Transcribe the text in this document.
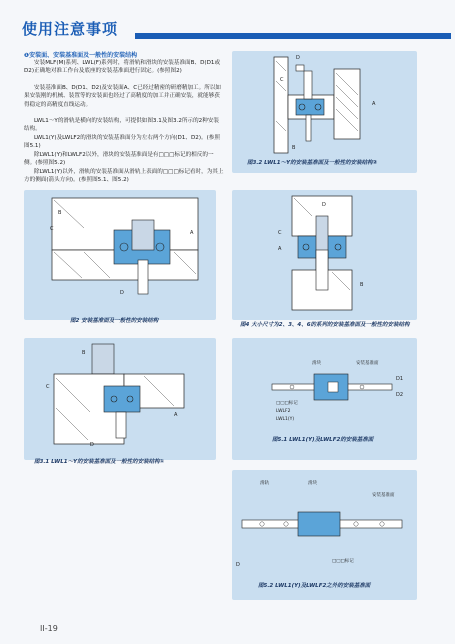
使用注意事项
❶安装面、安装基准面及一般性的安装结构
安装MLF(M)系列、LWL(F)系列时，将滑轨和滑块的安装基准面B、D(D1或D2)正确地对准工作台及底座的安装基准面进行固定。(参照图2)
安装基准面B、D(D1、D2)及安装面A、C已经过精密的研磨精加工。所以如果安装刚的机械、装置等的安装面也经过了高精度的加工并正确安装，就能够获得稳定的高精度直线运动。
LWL1～Y的滑轨是横向的安装结构，可提供如图3.1及图3.2所示的2种安装结构。
LWL1(Y)及LWLF2的滑块的安装基准面分为左右两个方向(D1、D2)。(参照图5.1)
除LWL1(Y)和LWLF2以外，滑块的安装基准面是有□□□标记的相反的一侧。(参照图5.2)
除LWL1(Y)以外，滑轨的安装基准面从滑轨上表面的□□□标记看时，为其上方的侧面(箭头方向)。(参照图5.1、图5.2)
D
C
A
B
图3.2 LWL1～Y的安装基准面及一般性的安装结构②
B
C
A
D
图2 安装基准面及一般性的安装结构
D
C
A
B
图4 大小尺寸为2、3、4、6的系列的安装基准面及一般性的安装结构
B
C
A
D
图3.1 LWL1～Y的安装基准面及一般性的安装结构①
滑块	安装基准面
□□□标记
LWLF2
LWL1(Y)
D1
D2
图5.1 LWL1(Y)及LWLF2的安装基准面
滑轨	滑块
安装基准面
□□□标记
D
图5.2 LWL1(Y)及LWLF2之外的安装基准面
II-19
